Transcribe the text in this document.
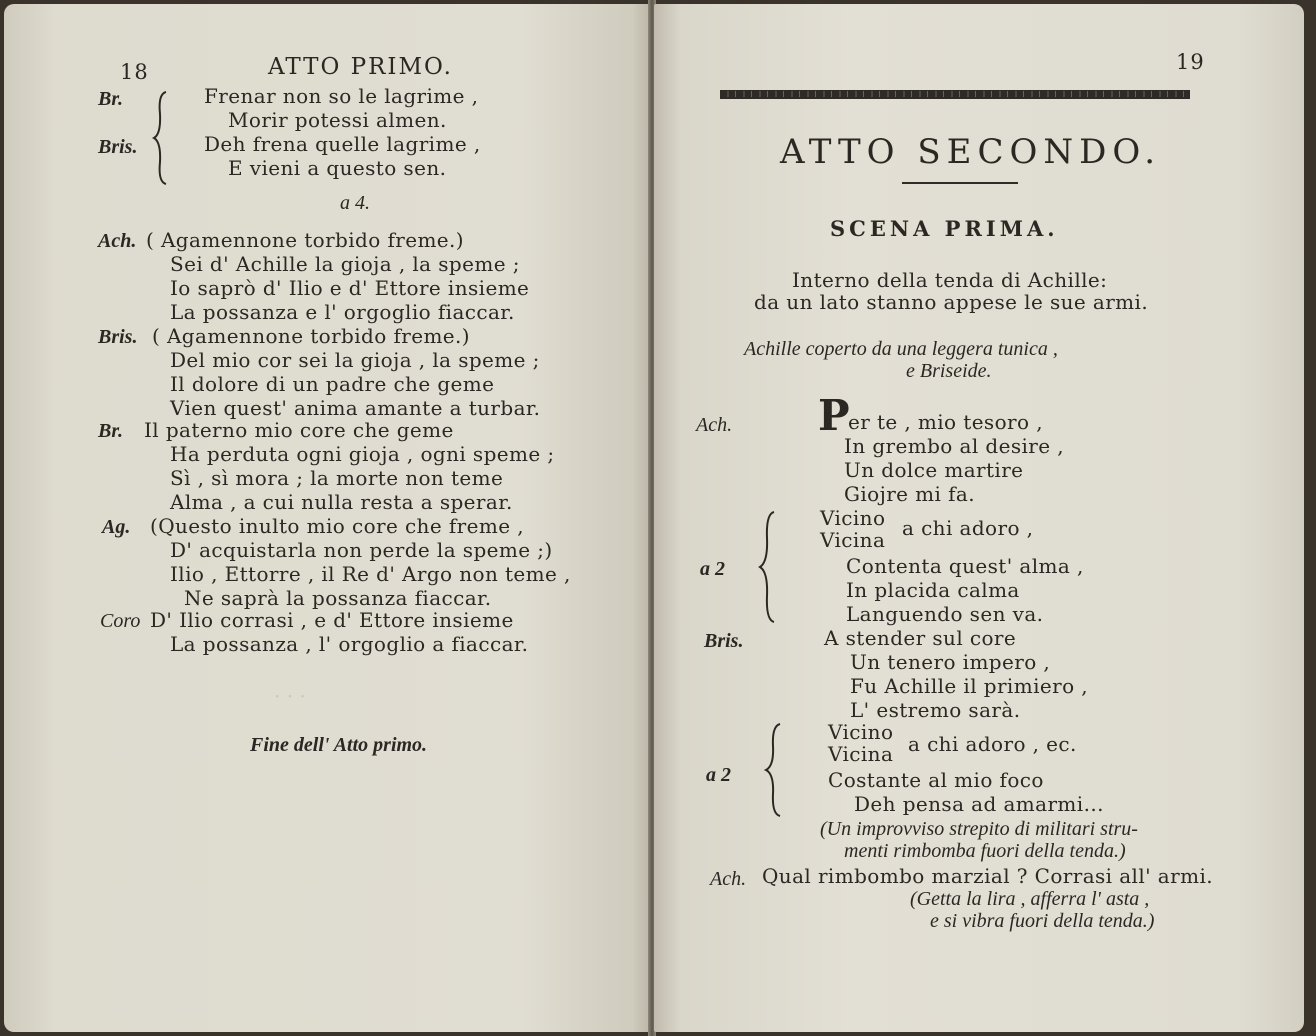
· · ·
18	ATTO PRIMO.
Br.
Bris.
Frenar non so le lagrime ,
Morir potessi almen.
Deh frena quelle lagrime ,
E vieni a questo sen.
a 4.
Ach. ( Agamennone torbido freme.)
Sei d' Achille la gioja , la speme ;
Io saprò d' Ilio e d' Ettore insieme
La possanza e l' orgoglio fiaccar.
Bris. ( Agamennone torbido freme.)
Del mio cor sei la gioja , la speme ;
Il dolore di un padre che geme
Vien quest' anima amante a turbar.
Br. Il paterno mio core che geme
Ha perduta ogni gioja , ogni speme ;
Sì , sì mora ; la morte non teme
Alma , a cui nulla resta a sperar.
Ag. (Questo inulto mio core che freme ,
D' acquistarla non perde la speme ;)
Ilio , Ettorre , il Re d' Argo non teme ,
Ne saprà la possanza fiaccar.
Coro D' Ilio corrasi , e d' Ettore insieme
La possanza , l' orgoglio a fiaccar.
Fine dell' Atto primo.
19
ATTO SECONDO.
SCENA PRIMA.
Interno della tenda di Achille:
da un lato stanno appese le sue armi.
Achille coperto da una leggera tunica ,
e Briseide.
Ach. P
er te , mio tesoro ,
In grembo al desire ,
Un dolce martire
Giojre mi fa.
a 2
Vicino
Vicina a chi adoro ,
Contenta quest' alma ,
In placida calma
Languendo sen va.
Bris.	A stender sul core
Un tenero impero ,
Fu Achille il primiero ,
L' estremo sarà.
a 2
Vicino
Vicina a chi adoro , ec.
Costante al mio foco
Deh pensa ad amarmi...
(Un improvviso strepito di militari stru-
menti rimbomba fuori della tenda.)
Ach. Qual rimbombo marzial ? Corrasi all' armi.
(Getta la lira , afferra l' asta ,
e si vibra fuori della tenda.)
